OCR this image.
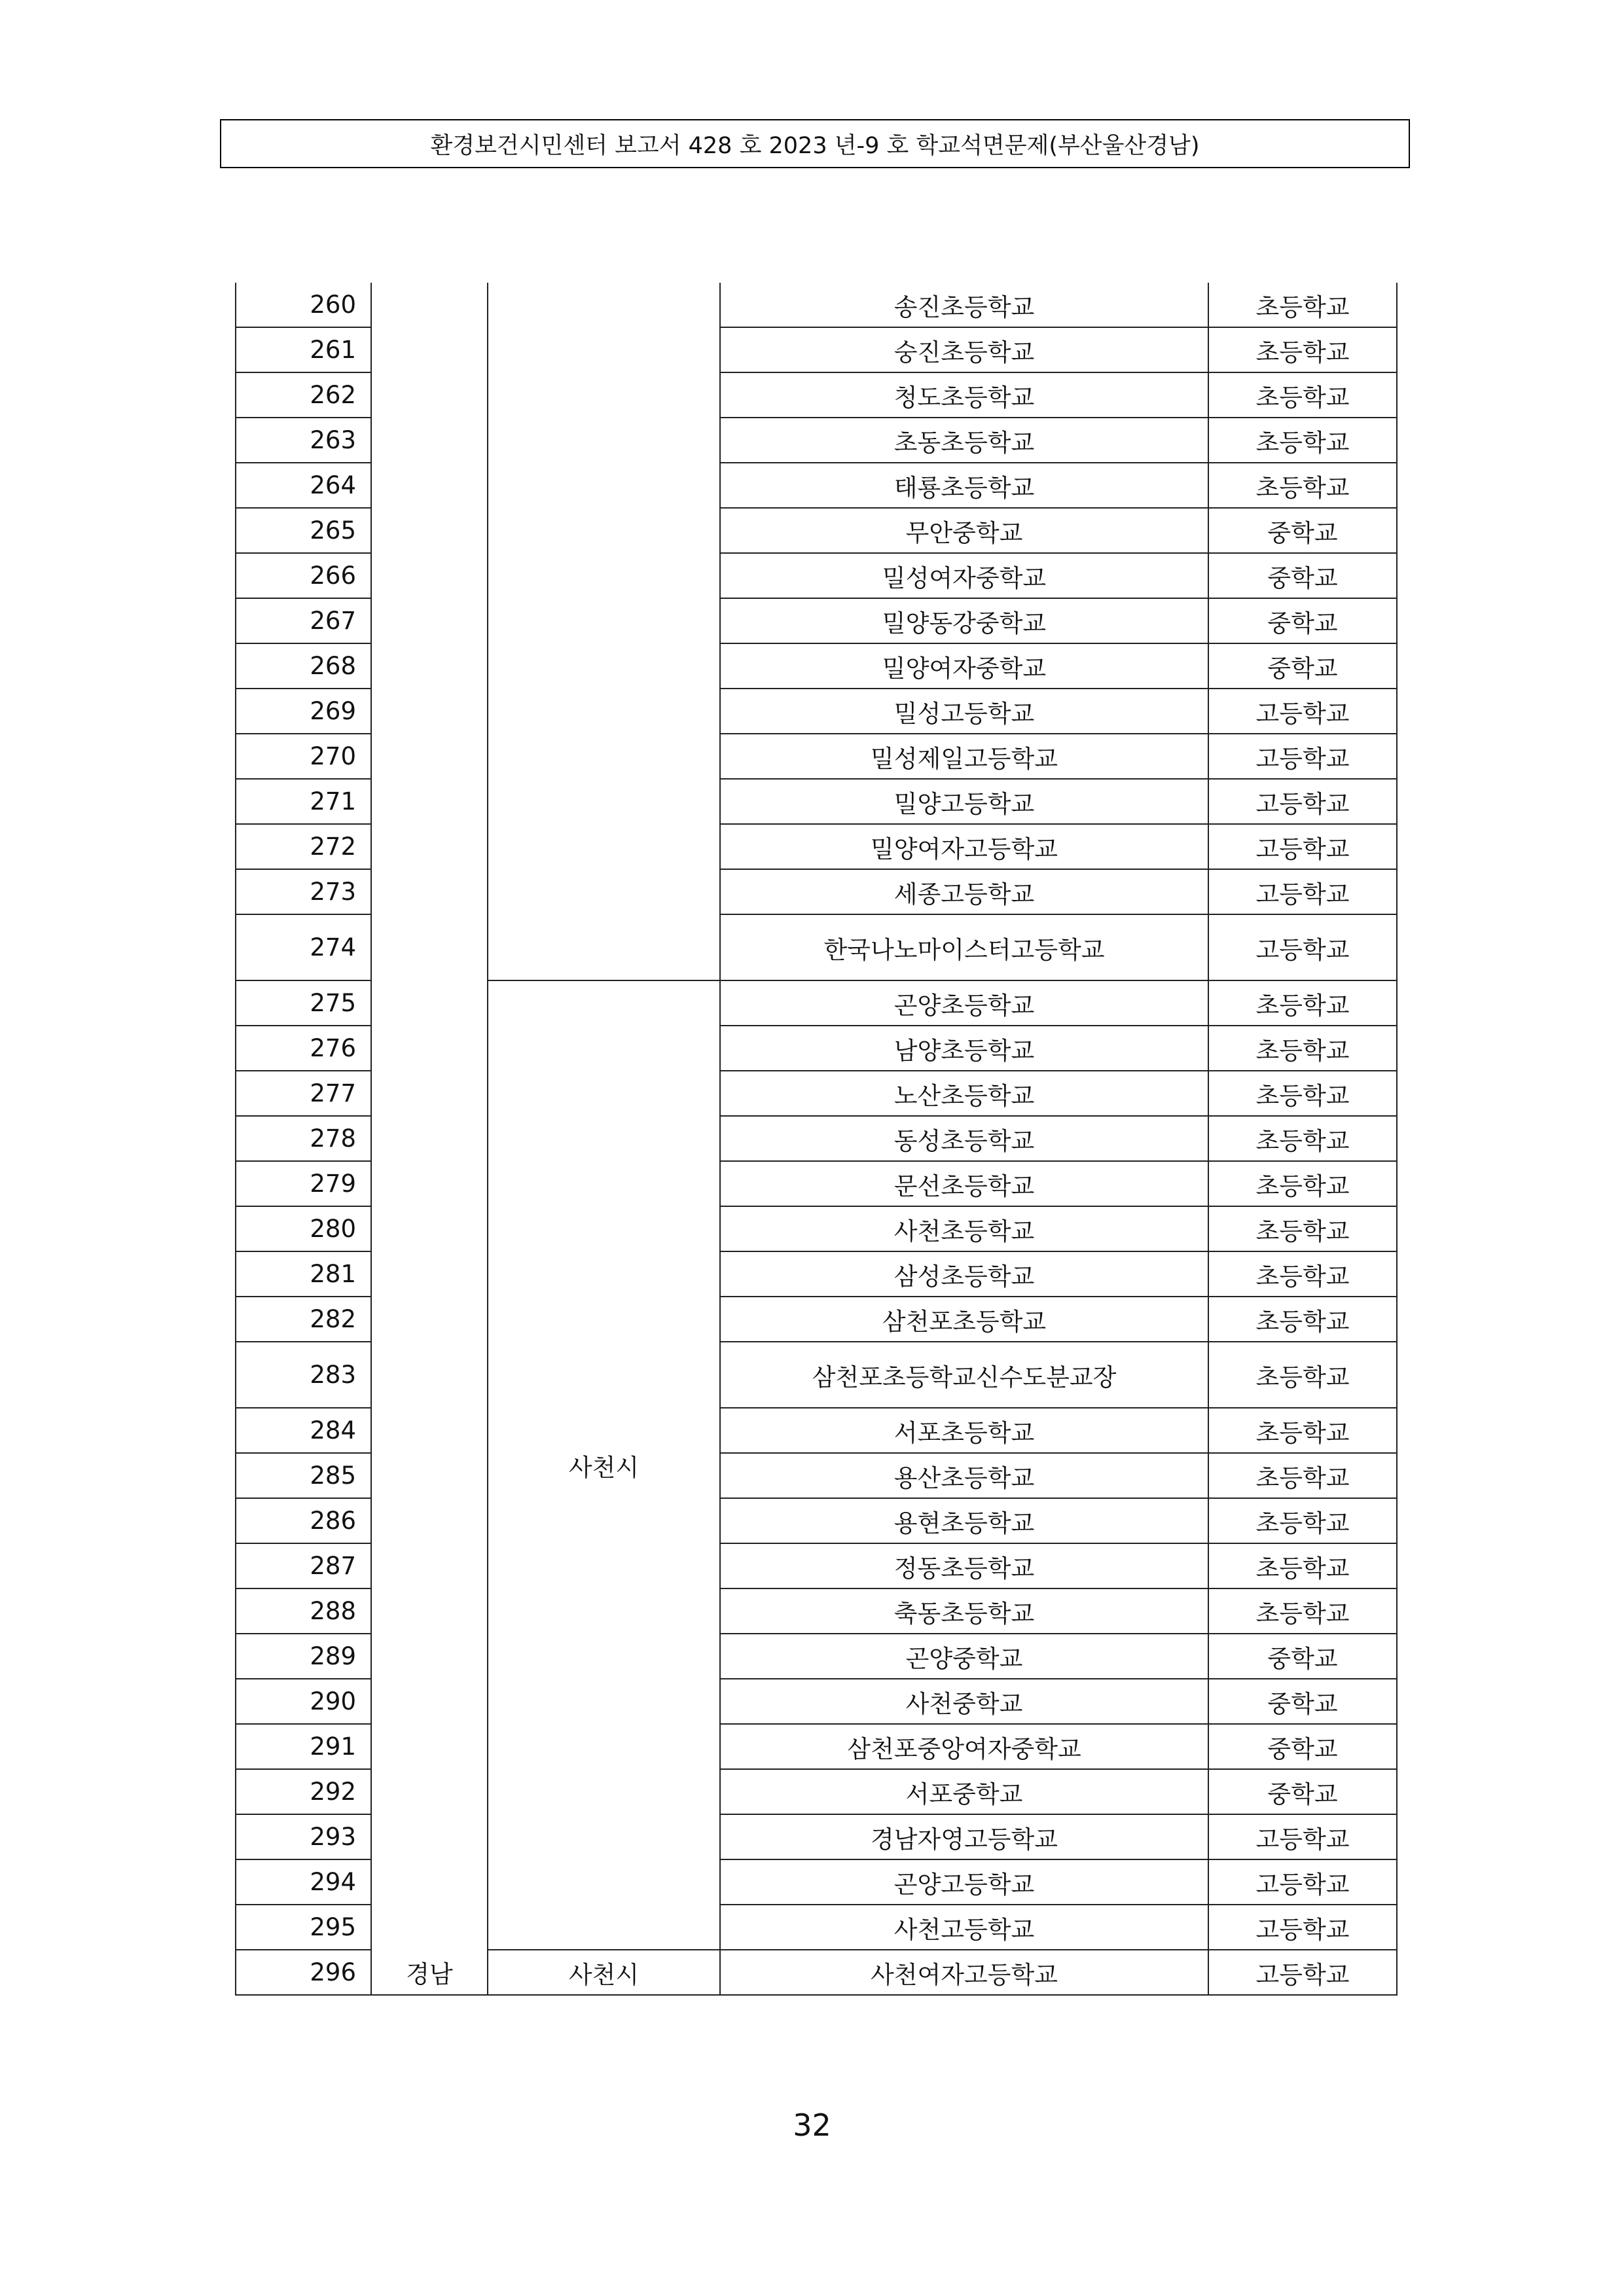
환경보건시민센터 보고서 428 호 2023 년-9 호 학교석면문제(부산울산경남)
260			송진초등학교	초등학교
261			숭진초등학교	초등학교
262			청도초등학교	초등학교
263			초동초등학교	초등학교
264			태룡초등학교	초등학교
265			무안중학교	중학교
266			밀성여자중학교	중학교
267			밀양동강중학교	중학교
268			밀양여자중학교	중학교
269			밀성고등학교	고등학교
270			밀성제일고등학교	고등학교
271			밀양고등학교	고등학교
272			밀양여자고등학교	고등학교
273			세종고등학교	고등학교
274			한국나노마이스터고등학교	고등학교
275		사천시	곤양초등학교	초등학교
276			남양초등학교	초등학교
277			노산초등학교	초등학교
278			동성초등학교	초등학교
279			문선초등학교	초등학교
280			사천초등학교	초등학교
281			삼성초등학교	초등학교
282			삼천포초등학교	초등학교
283			삼천포초등학교신수도분교장	초등학교
284			서포초등학교	초등학교
285			용산초등학교	초등학교
286			용현초등학교	초등학교
287			정동초등학교	초등학교
288			축동초등학교	초등학교
289			곤양중학교	중학교
290			사천중학교	중학교
291			삼천포중앙여자중학교	중학교
292			서포중학교	중학교
293			경남자영고등학교	고등학교
294			곤양고등학교	고등학교
295			사천고등학교	고등학교
296	경남	사천시	사천여자고등학교	고등학교
32
